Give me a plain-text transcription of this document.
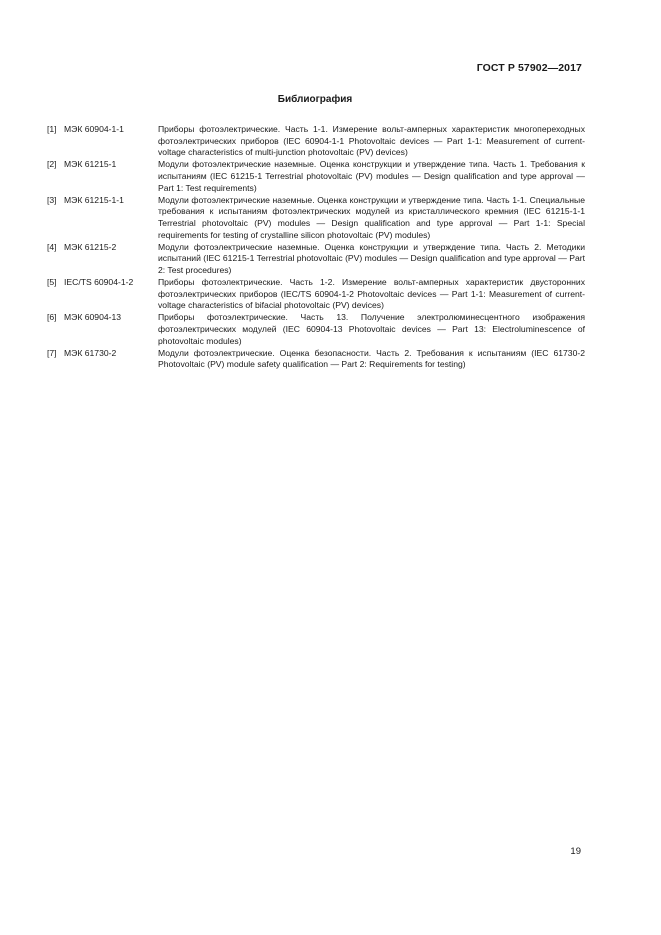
ГОСТ Р 57902—2017
Библиография
[1] МЭК 60904-1-1	Приборы фотоэлектрические. Часть 1-1. Измерение вольт-амперных характеристик многопереходных фотоэлектрических приборов (IEC 60904-1-1 Photovoltaic devices — Part 1-1: Measurement of current-voltage characteristics of multi-junction photovoltaic (PV) devices)
[2] МЭК 61215-1	Модули фотоэлектрические наземные. Оценка конструкции и утверждение типа. Часть 1. Требования к испытаниям (IEC 61215-1 Terrestrial photovoltaic (PV) modules — Design qualification and type approval — Part 1: Test requirements)
[3] МЭК 61215-1-1	Модули фотоэлектрические наземные. Оценка конструкции и утверждение типа. Часть 1-1. Специальные требования к испытаниям фотоэлектрических модулей из кристаллического кремния (IEC 61215-1-1 Terrestrial photovoltaic (PV) modules — Design qualification and type approval — Part 1-1: Special requirements for testing of crystalline silicon photovoltaic (PV) modules)
[4] МЭК 61215-2	Модули фотоэлектрические наземные. Оценка конструкции и утверждение типа. Часть 2. Методики испытаний (IEC 61215-1 Terrestrial photovoltaic (PV) modules — Design qualification and type approval — Part 2: Test procedures)
[5] IEC/TS 60904-1-2	Приборы фотоэлектрические. Часть 1-2. Измерение вольт-амперных характеристик двусторонних фотоэлектрических приборов (IEC/TS 60904-1-2 Photovoltaic devices — Part 1-1: Measurement of current-voltage characteristics of bifacial photovoltaic (PV) devices)
[6] МЭК 60904-13	Приборы фотоэлектрические. Часть 13. Получение электролюминесцентного изображения фотоэлектрических модулей (IEC 60904-13 Photovoltaic devices — Part 13: Electroluminescence of photovoltaic modules)
[7] МЭК 61730-2	Модули фотоэлектрические. Оценка безопасности. Часть 2. Требования к испытаниям (IEC 61730-2 Photovoltaic (PV) module safety qualification — Part 2: Requirements for testing)
19
